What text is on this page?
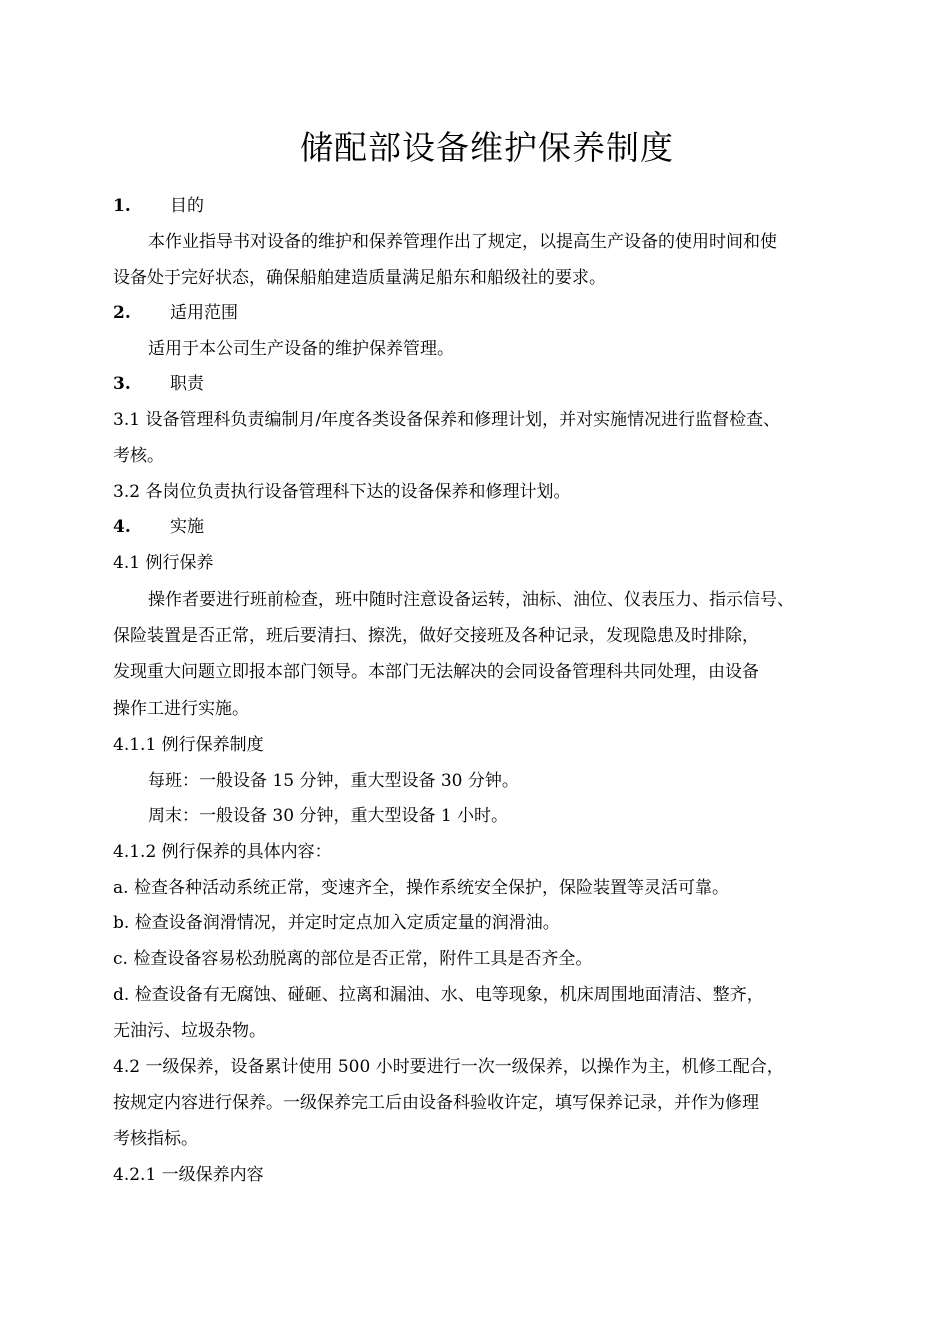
储配部设备维护保养制度
1. 目的
本作业指导书对设备的维护和保养管理作出了规定，以提高生产设备的使用时间和使
设备处于完好状态，确保船舶建造质量满足船东和船级社的要求。
2. 适用范围
适用于本公司生产设备的维护保养管理。
3. 职责
3.1 设备管理科负责编制月/年度各类设备保养和修理计划，并对实施情况进行监督检查、
考核。
3.2 各岗位负责执行设备管理科下达的设备保养和修理计划。
4. 实施
4.1 例行保养
操作者要进行班前检查，班中随时注意设备运转，油标、油位、仪表压力、指示信号、
保险装置是否正常，班后要清扫、擦洗，做好交接班及各种记录，发现隐患及时排除，
发现重大问题立即报本部门领导。本部门无法解决的会同设备管理科共同处理，由设备
操作工进行实施。
4.1.1 例行保养制度
每班：一般设备 15 分钟，重大型设备 30 分钟。
周末：一般设备 30 分钟，重大型设备 1 小时。
4.1.2 例行保养的具体内容：
a. 检查各种活动系统正常，变速齐全，操作系统安全保护，保险装置等灵活可靠。
b. 检查设备润滑情况，并定时定点加入定质定量的润滑油。
c. 检查设备容易松劲脱离的部位是否正常，附件工具是否齐全。
d. 检查设备有无腐蚀、碰砸、拉离和漏油、水、电等现象，机床周围地面清洁、整齐，
无油污、垃圾杂物。
4.2 一级保养，设备累计使用 500 小时要进行一次一级保养，以操作为主，机修工配合，
按规定内容进行保养。一级保养完工后由设备科验收许定，填写保养记录，并作为修理
考核指标。
4.2.1 一级保养内容
